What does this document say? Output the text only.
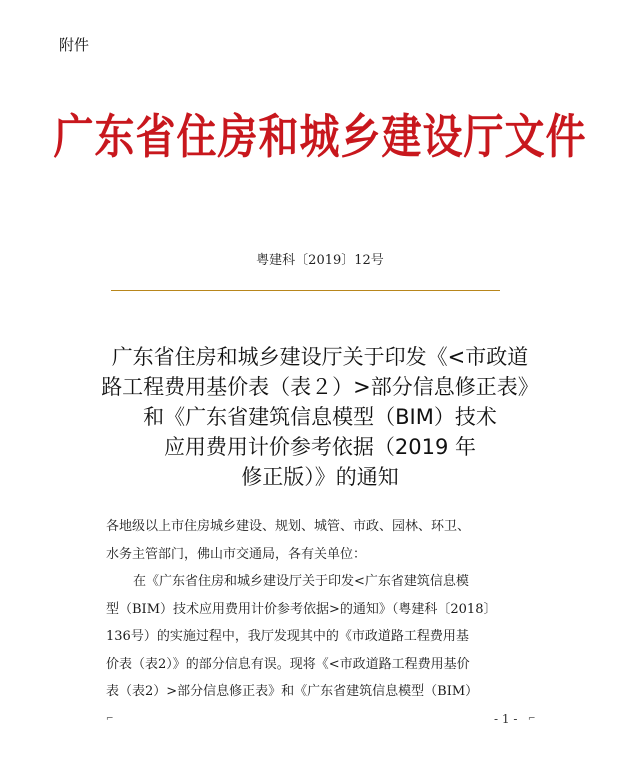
附件
广东省住房和城乡建设厅文件
粤建科〔2019〕12号
广东省住房和城乡建设厅关于印发《<市政道
路工程费用基价表（表２）>部分信息修正表》
和《广东省建筑信息模型（BIM）技术
应用费用计价参考依据（2019 年
修正版）》的通知
各地级以上市住房城乡建设、规划、城管、市政、园林、环卫、
水务主管部门，佛山市交通局，各有关单位：
在《广东省住房和城乡建设厅关于印发<广东省建筑信息模
型（BIM）技术应用费用计价参考依据>的通知》（粤建科〔2018〕
136号）的实施过程中，我厅发现其中的《市政道路工程费用基
价表（表2）》的部分信息有误。现将《<市政道路工程费用基价
表（表2）>部分信息修正表》和《广东省建筑信息模型（BIM）
⌐	- 1 - ⌐
